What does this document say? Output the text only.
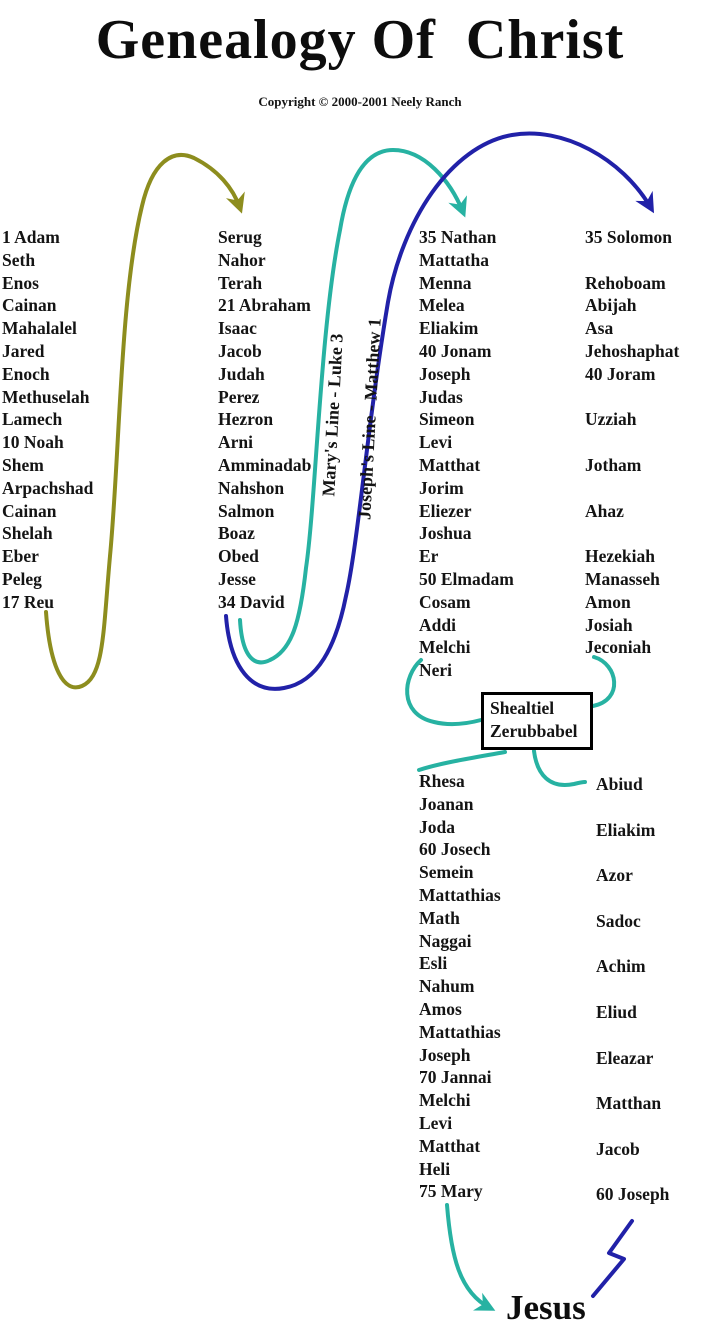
Genealogy Of  Christ
Copyright © 2000-2001 Neely Ranch
1 Adam
Seth
Enos
Cainan
Mahalalel
Jared
Enoch
Methuselah
Lamech
10 Noah
Shem
Arpachshad
Cainan
Shelah
Eber
Peleg
17 Reu
Serug
Nahor
Terah
21 Abraham
Isaac
Jacob
Judah
Perez
Hezron
Arni
Amminadab
Nahshon
Salmon
Boaz
Obed
Jesse
34 David
35 Nathan
Mattatha
Menna
Melea
Eliakim
40 Jonam
Joseph
Judas
Simeon
Levi
Matthat
Jorim
Eliezer
Joshua
Er
50 Elmadam
Cosam
Addi
Melchi
Neri
35 Solomon

Rehoboam
Abijah
Asa
Jehoshaphat
40 Joram

Uzziah

Jotham

Ahaz

Hezekiah
Manasseh
Amon
Josiah
Jeconiah
Rhesa
Joanan
Joda
60 Josech
Semein
Mattathias
Math
Naggai
Esli
Nahum
Amos
Mattathias
Joseph
70 Jannai
Melchi
Levi
Matthat
Heli
75 Mary
Abiud

Eliakim

Azor

Sadoc

Achim

Eliud

Eleazar

Matthan

Jacob

60 Joseph
Mary's Line - Luke 3 Joseph's Line - Matthew 1
Shealtiel
Zerubbabel
Jesus
